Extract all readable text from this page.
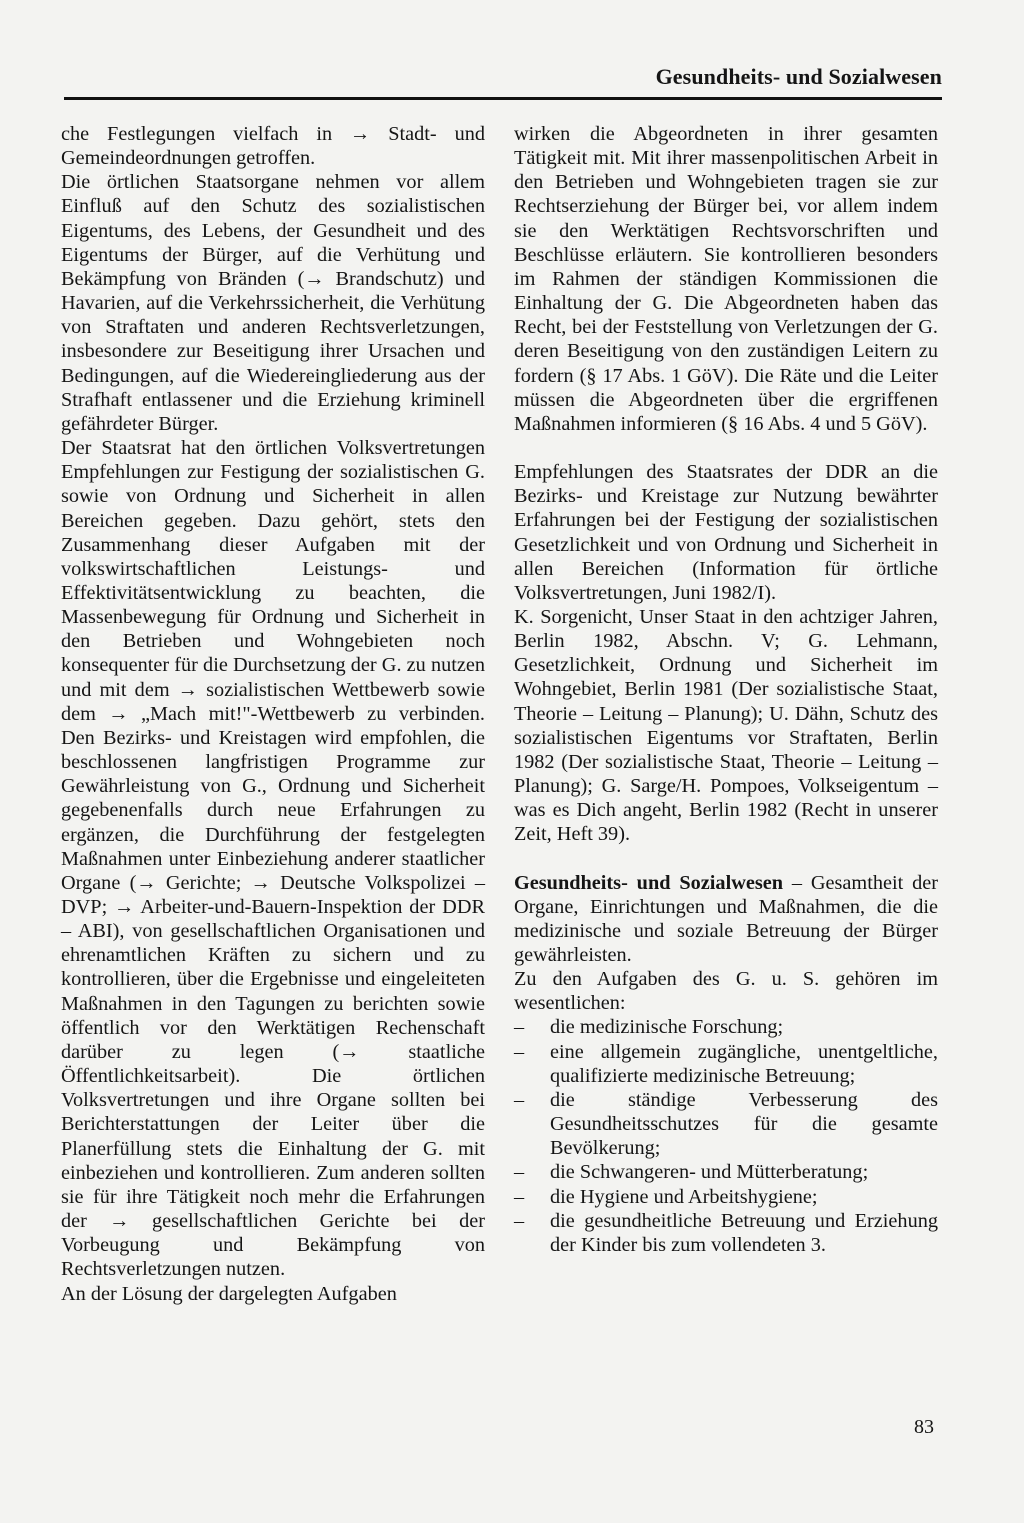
Gesundheits- und Sozialwesen

che Festlegungen vielfach in → Stadt- und Gemeindeordnungen getroffen.

Die örtlichen Staatsorgane nehmen vor allem Einfluß auf den Schutz des sozialistischen Eigentums, des Lebens, der Gesundheit und des Eigentums der Bürger, auf die Verhütung und Bekämpfung von Bränden (→ Brandschutz) und Havarien, auf die Verkehrssicherheit, die Verhütung von Straftaten und anderen Rechtsverletzungen, insbesondere zur Beseitigung ihrer Ursachen und Bedingungen, auf die Wiedereingliederung aus der Strafhaft entlassener und die Erziehung kriminell gefährdeter Bürger.

Der Staatsrat hat den örtlichen Volksvertretungen Empfehlungen zur Festigung der sozialistischen G. sowie von Ordnung und Sicherheit in allen Bereichen gegeben. Dazu gehört, stets den Zusammenhang dieser Aufgaben mit der volkswirtschaftlichen Leistungs- und Effektivitätsentwicklung zu beachten, die Massenbewegung für Ordnung und Sicherheit in den Betrieben und Wohngebieten noch konsequenter für die Durchsetzung der G. zu nutzen und mit dem → sozialistischen Wettbewerb sowie dem → „Mach mit!"-Wettbewerb zu verbinden. Den Bezirks- und Kreistagen wird empfohlen, die beschlossenen langfristigen Programme zur Gewährleistung von G., Ordnung und Sicherheit gegebenenfalls durch neue Erfahrungen zu ergänzen, die Durchführung der festgelegten Maßnahmen unter Einbeziehung anderer staatlicher Organe (→ Gerichte; → Deutsche Volkspolizei – DVP; → Arbeiter-und-Bauern-Inspektion der DDR – ABI), von gesellschaftlichen Organisationen und ehrenamtlichen Kräften zu sichern und zu kontrollieren, über die Ergebnisse und eingeleiteten Maßnahmen in den Tagungen zu berichten sowie öffentlich vor den Werktätigen Rechenschaft darüber zu legen (→ staatliche Öffentlichkeitsarbeit). Die örtlichen Volksvertretungen und ihre Organe sollten bei Berichterstattungen der Leiter über die Planerfüllung stets die Einhaltung der G. mit einbeziehen und kontrollieren. Zum anderen sollten sie für ihre Tätigkeit noch mehr die Erfahrungen der → gesellschaftlichen Gerichte bei der Vorbeugung und Bekämpfung von Rechtsverletzungen nutzen.

An der Lösung der dargelegten Aufgaben

wirken die Abgeordneten in ihrer gesamten Tätigkeit mit. Mit ihrer massenpolitischen Arbeit in den Betrieben und Wohngebieten tragen sie zur Rechtserziehung der Bürger bei, vor allem indem sie den Werktätigen Rechtsvorschriften und Beschlüsse erläutern. Sie kontrollieren besonders im Rahmen der ständigen Kommissionen die Einhaltung der G. Die Abgeordneten haben das Recht, bei der Feststellung von Verletzungen der G. deren Beseitigung von den zuständigen Leitern zu fordern (§ 17 Abs. 1 GöV). Die Räte und die Leiter müssen die Abgeordneten über die ergriffenen Maßnahmen informieren (§ 16 Abs. 4 und 5 GöV).

Empfehlungen des Staatsrates der DDR an die Bezirks- und Kreistage zur Nutzung bewährter Erfahrungen bei der Festigung der sozialistischen Gesetzlichkeit und von Ordnung und Sicherheit in allen Bereichen (Information für örtliche Volksvertretungen, Juni 1982/I).

K. Sorgenicht, Unser Staat in den achtziger Jahren, Berlin 1982, Abschn. V; G. Lehmann, Gesetzlichkeit, Ordnung und Sicherheit im Wohngebiet, Berlin 1981 (Der sozialistische Staat, Theorie – Leitung – Planung); U. Dähn, Schutz des sozialistischen Eigentums vor Straftaten, Berlin 1982 (Der sozialistische Staat, Theorie – Leitung – Planung); G. Sarge/H. Pompoes, Volkseigentum – was es Dich angeht, Berlin 1982 (Recht in unserer Zeit, Heft 39).

Gesundheits- und Sozialwesen – Gesamtheit der Organe, Einrichtungen und Maßnahmen, die die medizinische und soziale Betreuung der Bürger gewährleisten.

Zu den Aufgaben des G. u. S. gehören im wesentlichen:

– die medizinische Forschung;
– eine allgemein zugängliche, unentgeltliche, qualifizierte medizinische Betreuung;
– die ständige Verbesserung des Gesundheitsschutzes für die gesamte Bevölkerung;
– die Schwangeren- und Mütterberatung;
– die Hygiene und Arbeitshygiene;
– die gesundheitliche Betreuung und Erziehung der Kinder bis zum vollendeten 3.
83
